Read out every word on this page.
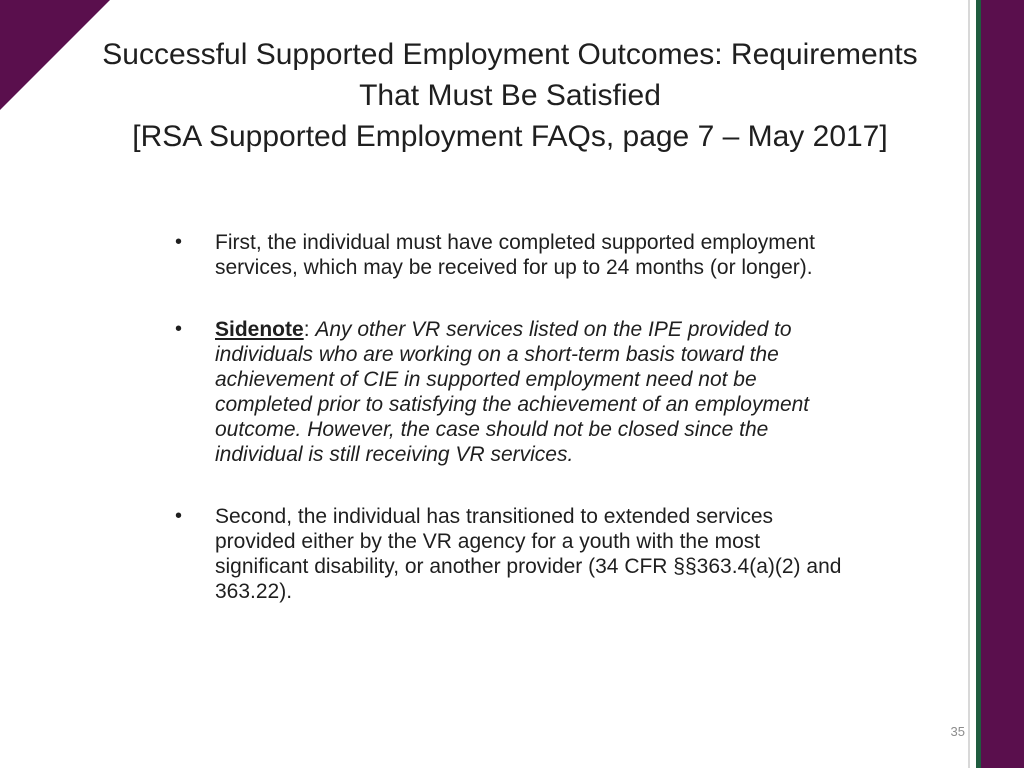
Successful Supported Employment Outcomes: Requirements
That Must Be Satisfied
[RSA Supported Employment FAQs, page 7 – May 2017]
• First, the individual must have completed supported employment services, which may be received for up to 24 months (or longer).
• Sidenote: Any other VR services listed on the IPE provided to individuals who are working on a short-term basis toward the achievement of CIE in supported employment need not be completed prior to satisfying the achievement of an employment outcome. However, the case should not be closed since the individual is still receiving VR services.
• Second, the individual has transitioned to extended services provided either by the VR agency for a youth with the most significant disability, or another provider (34 CFR §§363.4(a)(2) and 363.22).
35
